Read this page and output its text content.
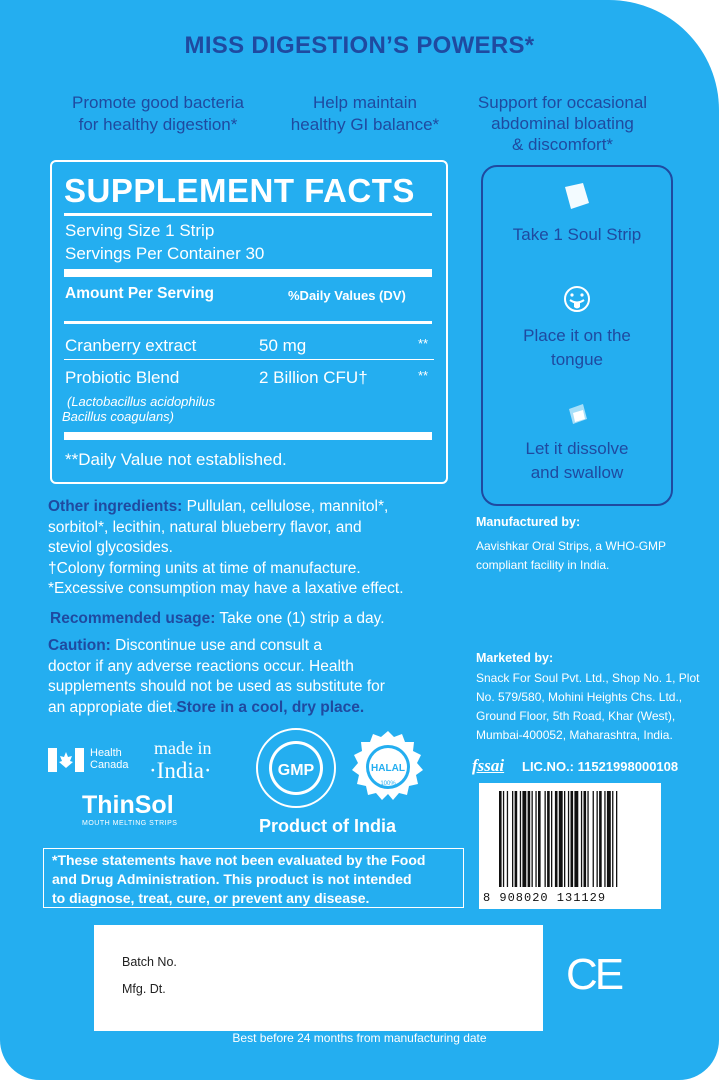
MISS DIGESTION’S POWERS*
Promote good bacteria
for healthy digestion*
Help maintain
healthy GI balance*
Support for occasional
abdominal bloating
& discomfort*
SUPPLEMENT FACTS
Serving Size 1 Strip
Servings Per Container 30
Amount Per Serving	%Daily Values (DV)
Cranberry extract	50 mg	**
Probiotic Blend	2 Billion CFU†	**
(Lactobacillus acidophilus
Bacillus coagulans)
**Daily Value not established.
Take 1 Soul Strip
Place it on the
tongue
Let it dissolve
and swallow
Other ingredients: Pullulan, cellulose, mannitol*,
sorbitol*, lecithin, natural blueberry flavor, and
steviol glycosides.
†Colony forming units at time of manufacture.
*Excessive consumption may have a laxative effect.
Recommended usage: Take one (1) strip a day.
Caution: Discontinue use and consult a
doctor if any adverse reactions occur. Health
supplements should not be used as substitute for
an appropiate diet.Store in a cool, dry place.
Manufactured by:
Aavishkar Oral Strips, a WHO-GMP
compliant facility in India.
Marketed by:
Snack For Soul Pvt. Ltd., Shop No. 1, Plot
No. 579/580, Mohini Heights Chs. Ltd.,
Ground Floor, 5th Road, Khar (West),
Mumbai-400052, Maharashtra, India.
fssai LIC.NO.: 11521998000108
Health
Canada
made in
·India·
ThinSol
MOUTH MELTING STRIPS
GMP	HALAL
100%
Product of India
*These statements have not been evaluated by the Food
and Drug Administration. This product is not intended
to diagnose, treat, cure, or prevent any disease.	8 908020 131129
Batch No.
Mfg. Dt.	CE
Best before 24 months from manufacturing date
